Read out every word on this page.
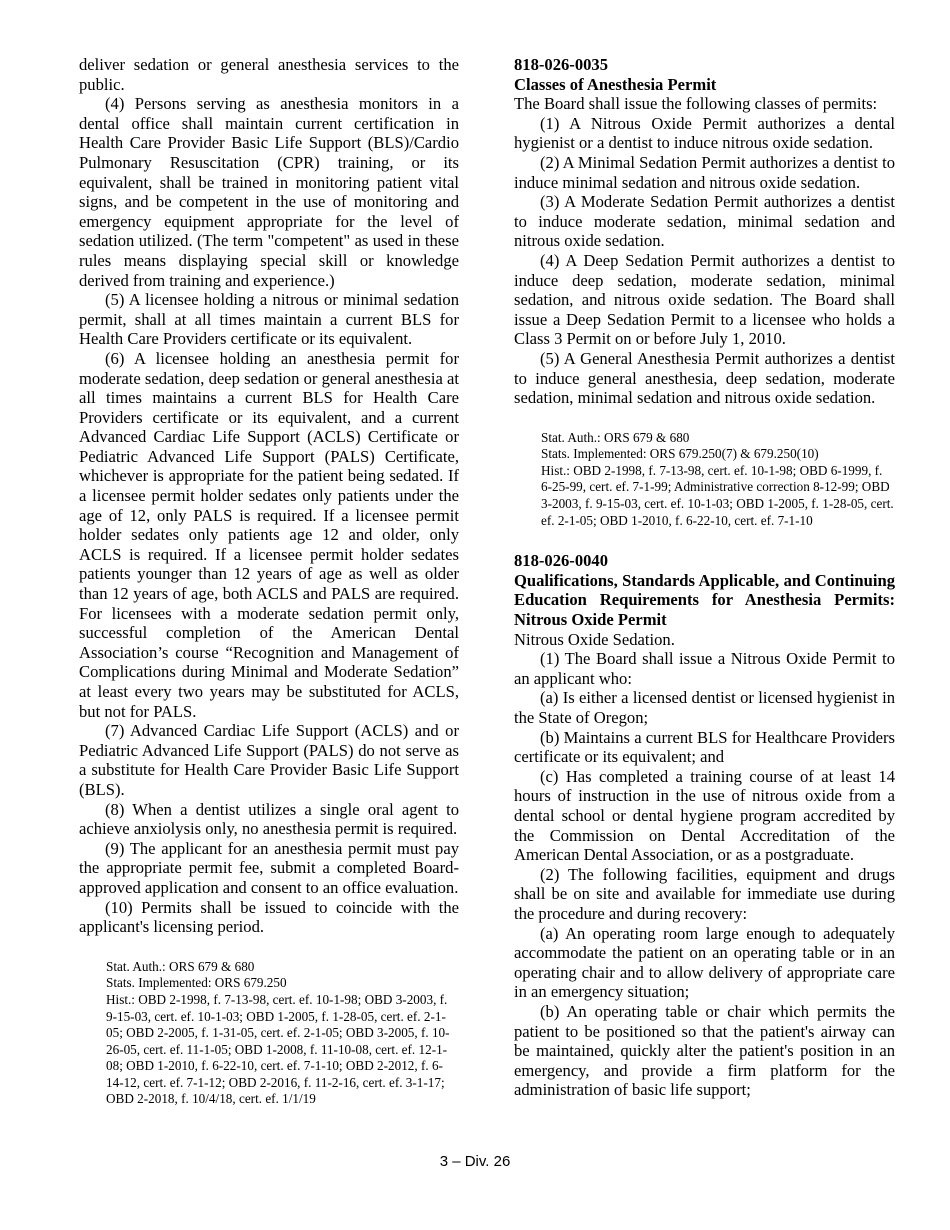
deliver sedation or general anesthesia services to the public.

(4) Persons serving as anesthesia monitors in a dental office shall maintain current certification in Health Care Provider Basic Life Support (BLS)/Cardio Pulmonary Resuscitation (CPR) training, or its equivalent, shall be trained in monitoring patient vital signs, and be competent in the use of monitoring and emergency equipment appropriate for the level of sedation utilized. (The term "competent" as used in these rules means displaying special skill or knowledge derived from training and experience.)

(5) A licensee holding a nitrous or minimal sedation permit, shall at all times maintain a current BLS for Health Care Providers certificate or its equivalent.

(6) A licensee holding an anesthesia permit for moderate sedation, deep sedation or general anesthesia at all times maintains a current BLS for Health Care Providers certificate or its equivalent, and a current Advanced Cardiac Life Support (ACLS) Certificate or Pediatric Advanced Life Support (PALS) Certificate, whichever is appropriate for the patient being sedated. If a licensee permit holder sedates only patients under the age of 12, only PALS is required. If a licensee permit holder sedates only patients age 12 and older, only ACLS is required. If a licensee permit holder sedates patients younger than 12 years of age as well as older than 12 years of age, both ACLS and PALS are required. For licensees with a moderate sedation permit only, successful completion of the American Dental Association’s course “Recognition and Management of Complications during Minimal and Moderate Sedation” at least every two years may be substituted for ACLS, but not for PALS.

(7) Advanced Cardiac Life Support (ACLS) and or Pediatric Advanced Life Support (PALS) do not serve as a substitute for Health Care Provider Basic Life Support (BLS).

(8) When a dentist utilizes a single oral agent to achieve anxiolysis only, no anesthesia permit is required.

(9) The applicant for an anesthesia permit must pay the appropriate permit fee, submit a completed Board-approved application and consent to an office evaluation.

(10) Permits shall be issued to coincide with the applicant's licensing period.

Stat. Auth.: ORS 679 & 680
Stats. Implemented: ORS 679.250
Hist.: OBD 2-1998, f. 7-13-98, cert. ef. 10-1-98; OBD 3-2003, f. 9-15-03, cert. ef. 10-1-03; OBD 1-2005, f. 1-28-05, cert. ef. 2-1-05; OBD 2-2005, f. 1-31-05, cert. ef. 2-1-05; OBD 3-2005, f. 10-26-05, cert. ef. 11-1-05; OBD 1-2008, f. 11-10-08, cert. ef. 12-1-08; OBD 1-2010, f. 6-22-10, cert. ef. 7-1-10; OBD 2-2012, f. 6-14-12, cert. ef. 7-1-12; OBD 2-2016, f. 11-2-16, cert. ef. 3-1-17; OBD 2-2018, f. 10/4/18, cert. ef. 1/1/19
818-026-0035
Classes of Anesthesia Permit

The Board shall issue the following classes of permits:

(1) A Nitrous Oxide Permit authorizes a dental hygienist or a dentist to induce nitrous oxide sedation.

(2) A Minimal Sedation Permit authorizes a dentist to induce minimal sedation and nitrous oxide sedation.

(3) A Moderate Sedation Permit authorizes a dentist to induce moderate sedation, minimal sedation and nitrous oxide sedation.

(4) A Deep Sedation Permit authorizes a dentist to induce deep sedation, moderate sedation, minimal sedation, and nitrous oxide sedation. The Board shall issue a Deep Sedation Permit to a licensee who holds a Class 3 Permit on or before July 1, 2010.

(5) A General Anesthesia Permit authorizes a dentist to induce general anesthesia, deep sedation, moderate sedation, minimal sedation and nitrous oxide sedation.

Stat. Auth.: ORS 679 & 680
Stats. Implemented: ORS 679.250(7) & 679.250(10)
Hist.: OBD 2-1998, f. 7-13-98, cert. ef. 10-1-98; OBD 6-1999, f. 6-25-99, cert. ef. 7-1-99; Administrative correction 8-12-99; OBD 3-2003, f. 9-15-03, cert. ef. 10-1-03; OBD 1-2005, f. 1-28-05, cert. ef. 2-1-05; OBD 1-2010, f. 6-22-10, cert. ef. 7-1-10
818-026-0040
Qualifications, Standards Applicable, and Continuing Education Requirements for Anesthesia Permits: Nitrous Oxide Permit

Nitrous Oxide Sedation.

(1) The Board shall issue a Nitrous Oxide Permit to an applicant who:

(a) Is either a licensed dentist or licensed hygienist in the State of Oregon;

(b) Maintains a current BLS for Healthcare Providers certificate or its equivalent; and

(c) Has completed a training course of at least 14 hours of instruction in the use of nitrous oxide from a dental school or dental hygiene program accredited by the Commission on Dental Accreditation of the American Dental Association, or as a postgraduate.

(2) The following facilities, equipment and drugs shall be on site and available for immediate use during the procedure and during recovery:

(a) An operating room large enough to adequately accommodate the patient on an operating table or in an operating chair and to allow delivery of appropriate care in an emergency situation;

(b) An operating table or chair which permits the patient to be positioned so that the patient's airway can be maintained, quickly alter the patient's position in an emergency, and provide a firm platform for the administration of basic life support;

3 – Div. 26
